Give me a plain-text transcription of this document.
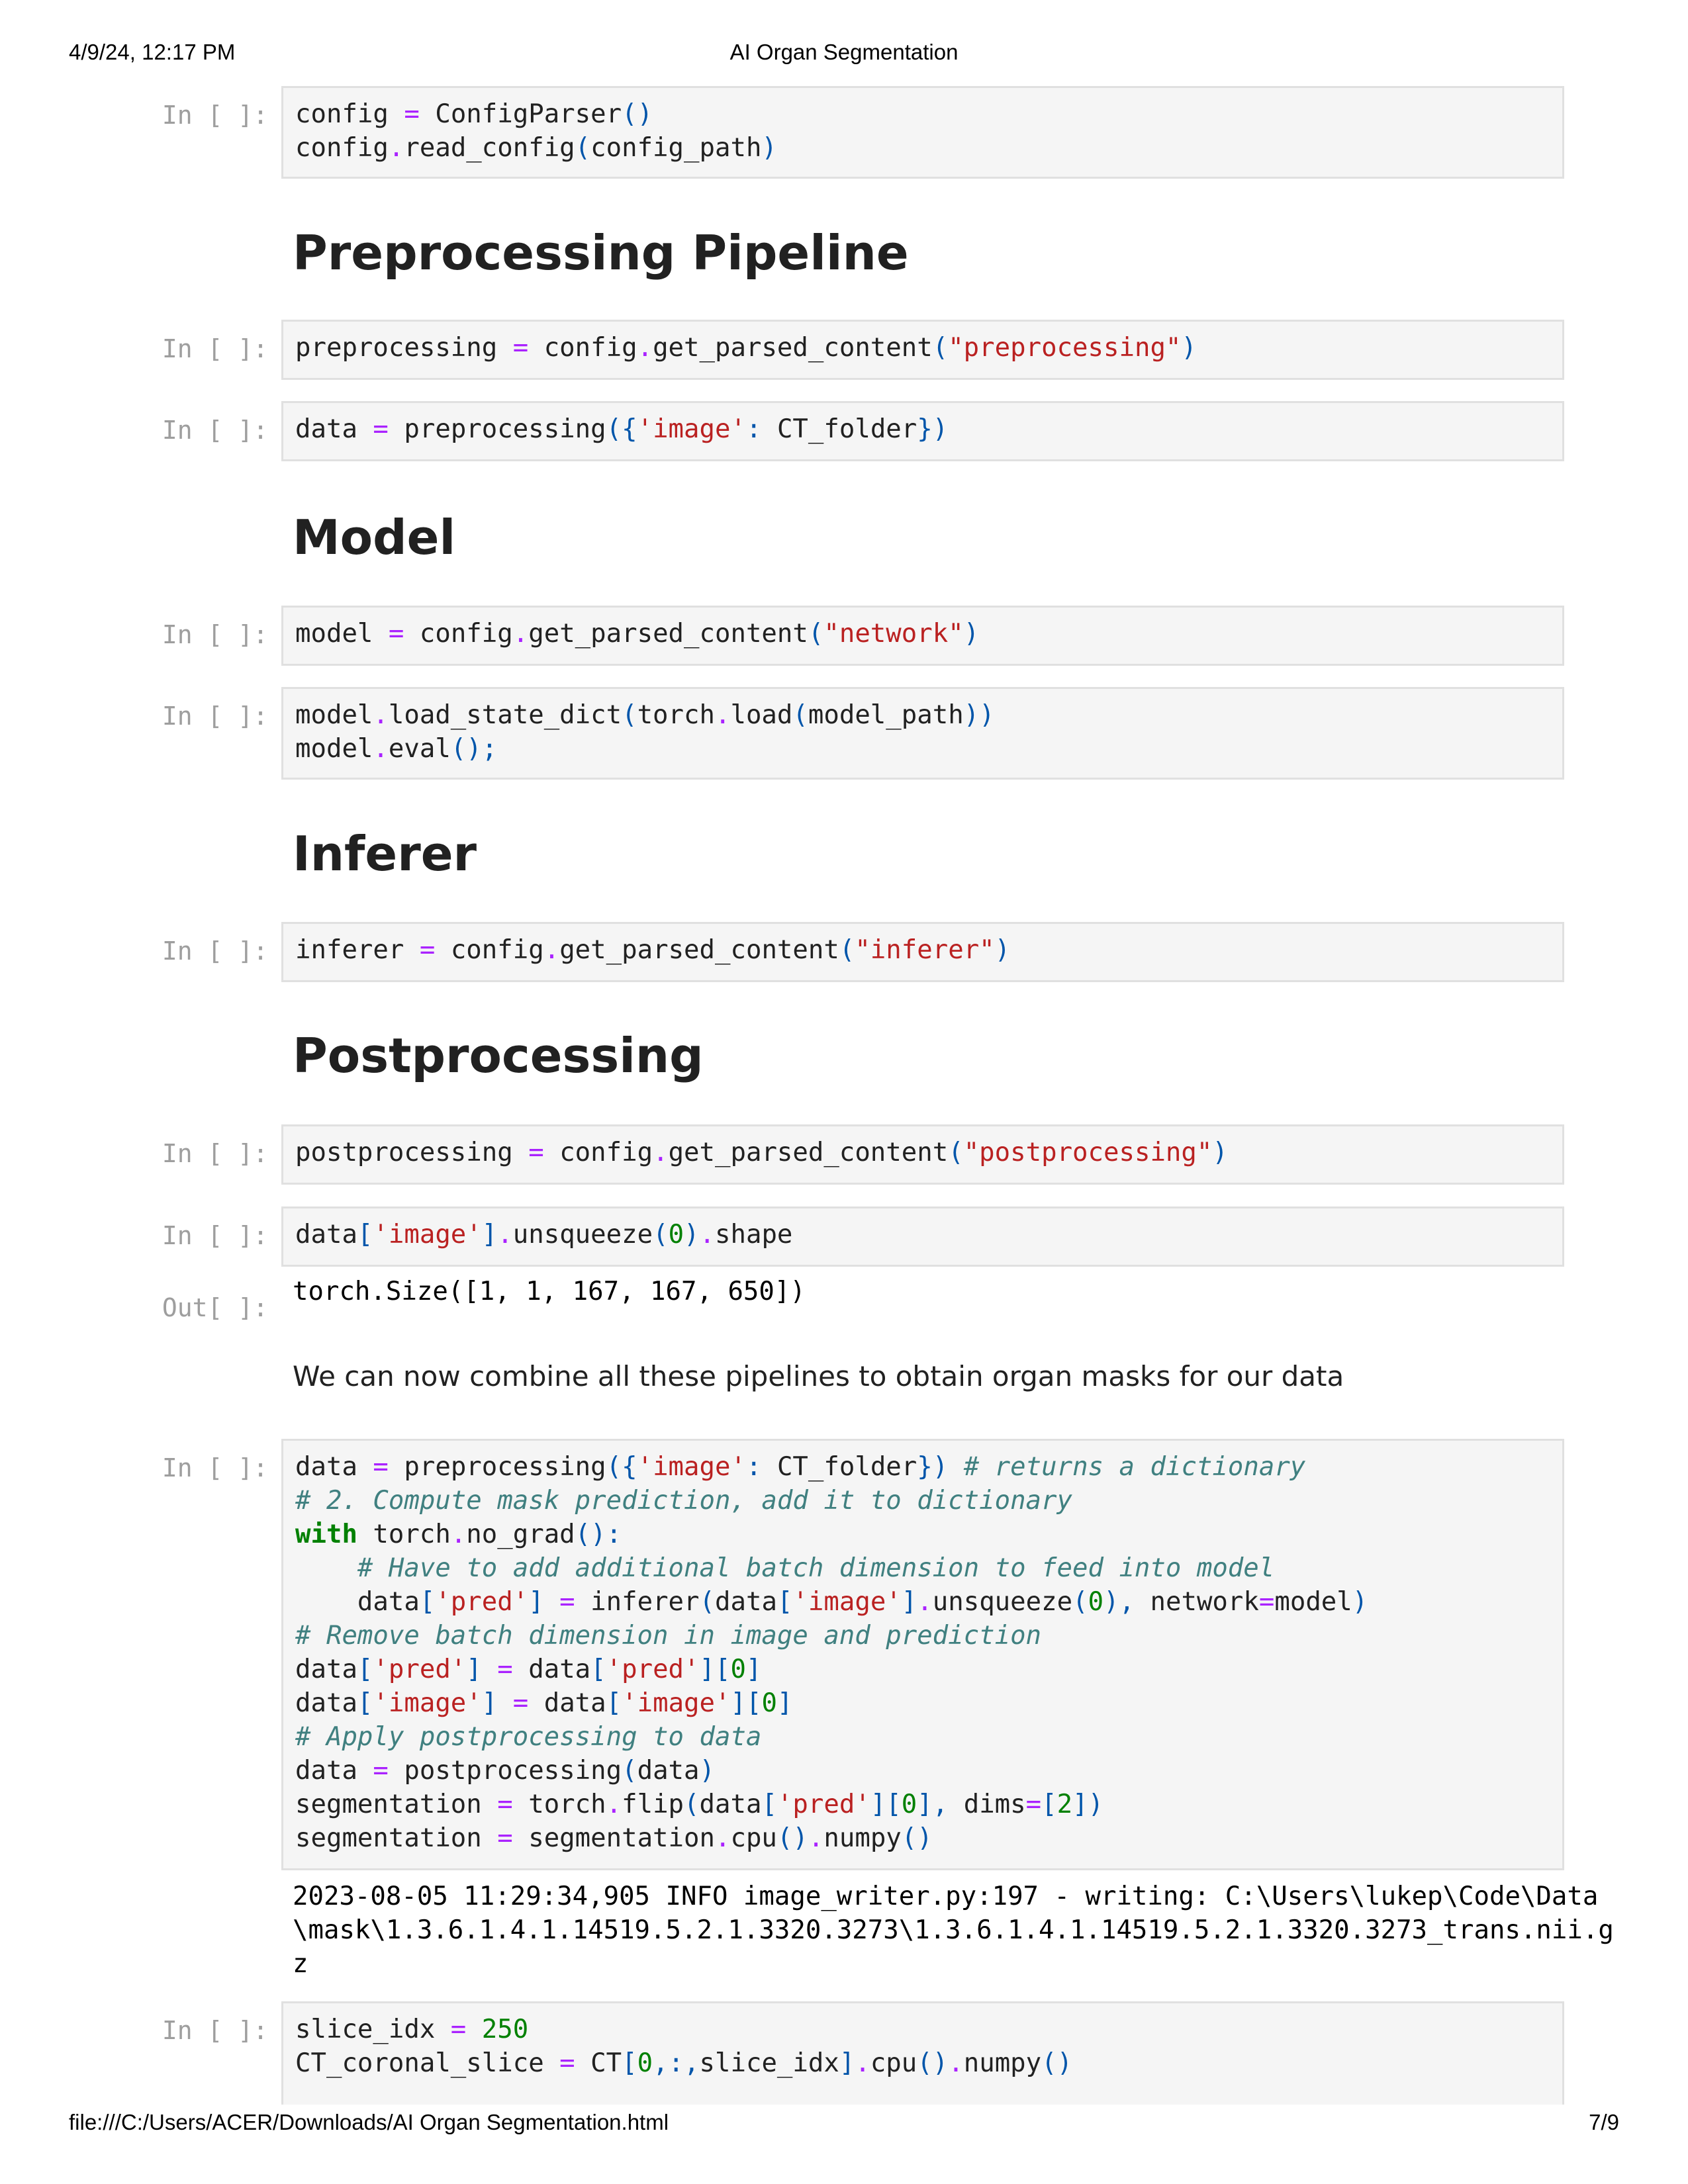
4/9/24, 12:17 PM	AI Organ Segmentation
In [ ]: config = ConfigParser()
config.read_config(config_path)
Preprocessing Pipeline
In [ ]: preprocessing = config.get_parsed_content("preprocessing")
In [ ]: data = preprocessing({'image': CT_folder})
Model
In [ ]: model = config.get_parsed_content("network")
In [ ]: model.load_state_dict(torch.load(model_path))
model.eval();
Inferer
In [ ]: inferer = config.get_parsed_content("inferer")
Postprocessing
In [ ]: postprocessing = config.get_parsed_content("postprocessing")
In [ ]: data['image'].unsqueeze(0).shape
Out[ ]:
torch.Size([1, 1, 167, 167, 650])

We can now combine all these pipelines to obtain organ masks for our data

In [ ]: data = preprocessing({'image': CT_folder}) # returns a dictionary
# 2. Compute mask prediction, add it to dictionary
with torch.no_grad():
# Have to add additional batch dimension to feed into model
data['pred'] = inferer(data['image'].unsqueeze(0), network=model)
# Remove batch dimension in image and prediction
data['pred'] = data['pred'][0]
data['image'] = data['image'][0]
# Apply postprocessing to data
data = postprocessing(data)
segmentation = torch.flip(data['pred'][0], dims=[2])
segmentation = segmentation.cpu().numpy()
2023-08-05 11:29:34,905 INFO image_writer.py:197 - writing: C:\Users\lukep\Code\Data
\mask\1.3.6.1.4.1.14519.5.2.1.3320.3273\1.3.6.1.4.1.14519.5.2.1.3320.3273_trans.nii.g
z
In [ ]: slice_idx = 250
CT_coronal_slice = CT[0,:,slice_idx].cpu().numpy()
file:///C:/Users/ACER/Downloads/AI Organ Segmentation.html	7/9
